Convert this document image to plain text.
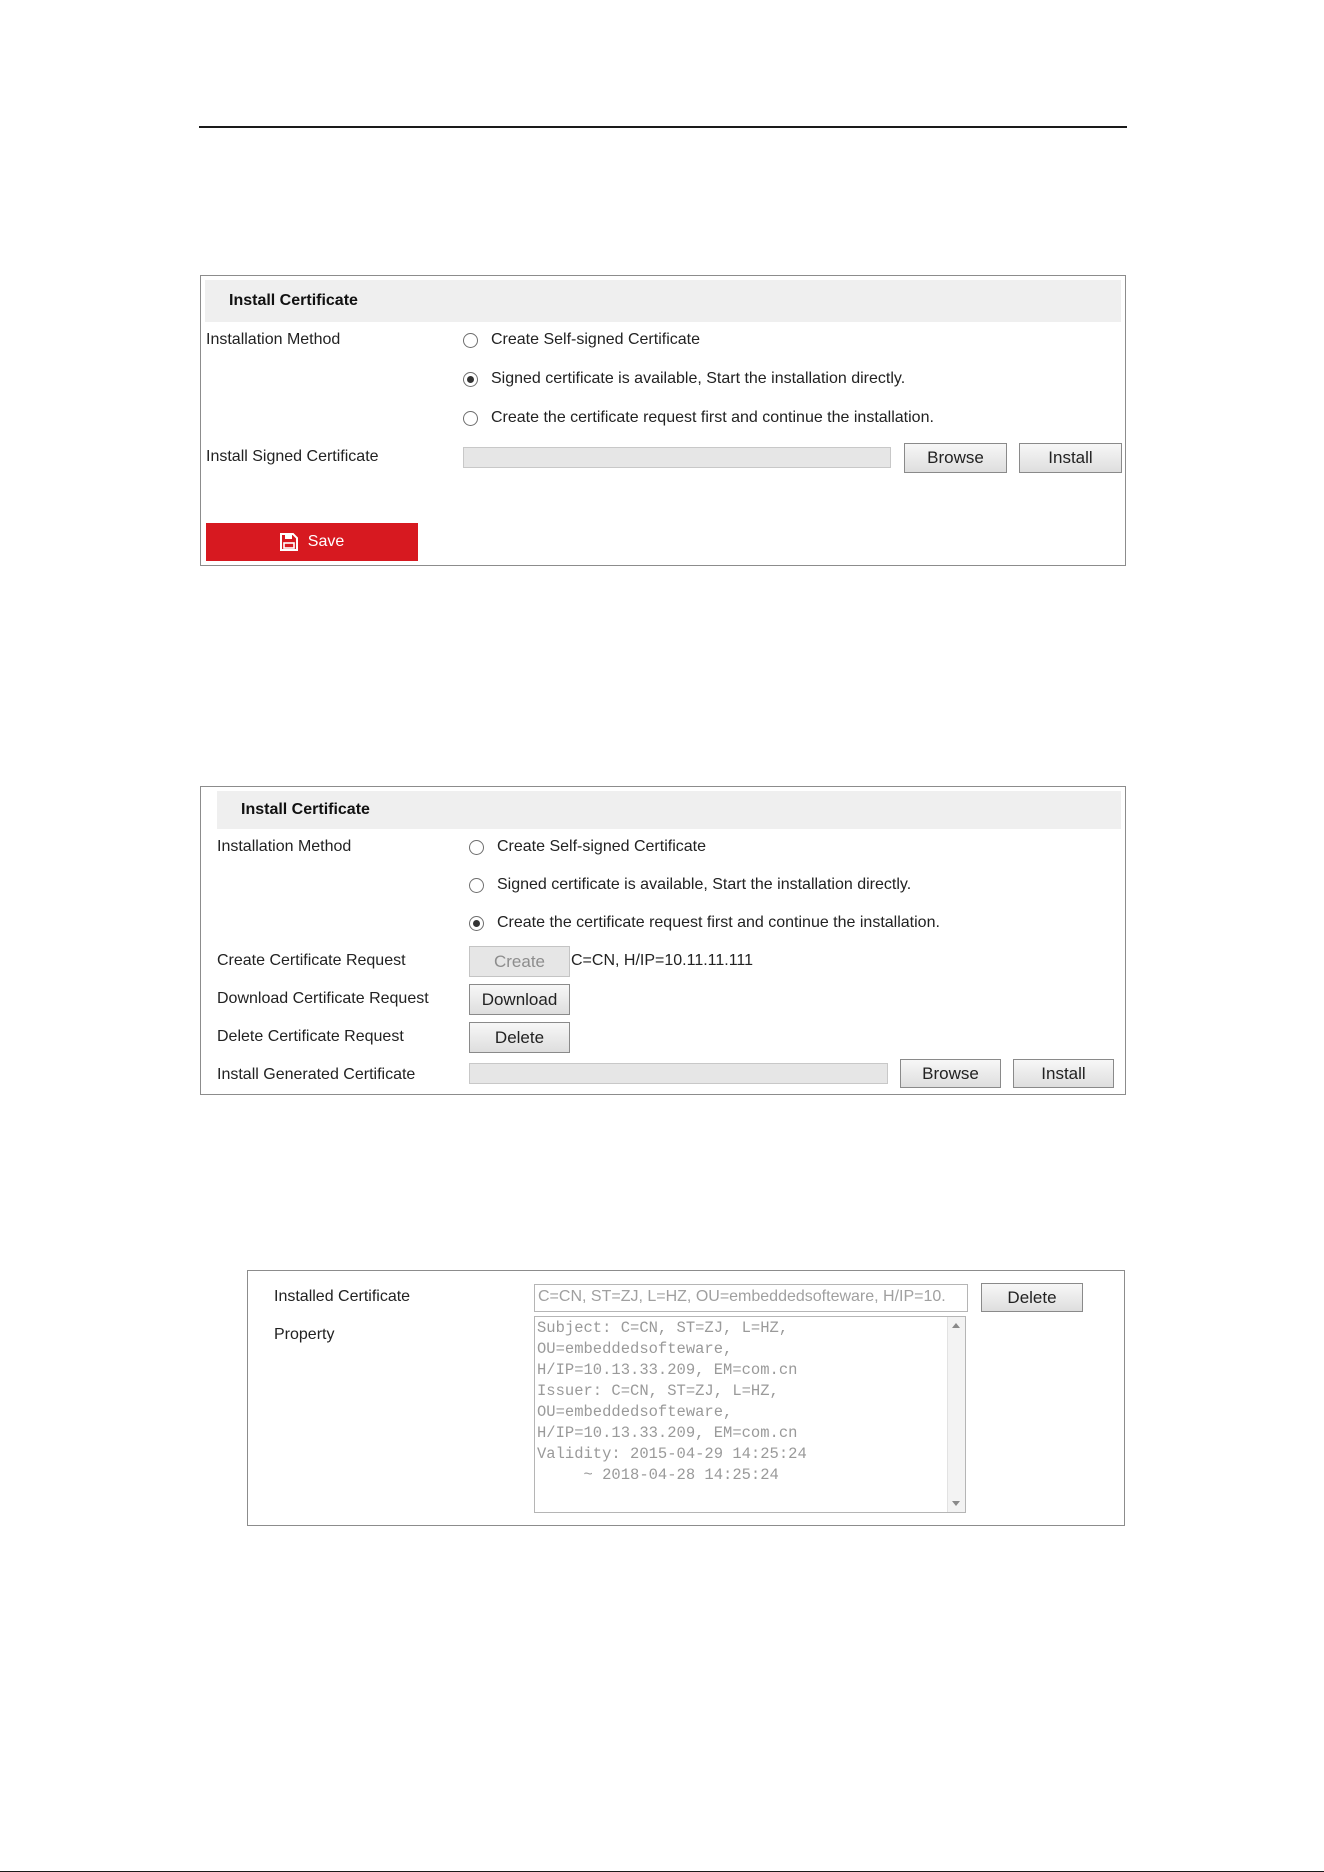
Install Certificate
Installation Method	Create Self-signed Certificate
Signed certificate is available, Start the installation directly.
Create the certificate request first and continue the installation.
Install Signed Certificate	Browse	Install
Save
Install Certificate
Installation Method	Create Self-signed Certificate
Signed certificate is available, Start the installation directly.
Create the certificate request first and continue the installation.
Create Certificate Request	Create	C=CN, H/IP=10.11.11.111
Download Certificate Request	Download
Delete Certificate Request	Delete
Install Generated Certificate	Browse	Install
Installed Certificate	C=CN, ST=ZJ, L=HZ, OU=embeddedsofteware, H/IP=10.	Delete
Property	Subject: C=CN, ST=ZJ, L=HZ,
OU=embeddedsofteware,
H/IP=10.13.33.209, EM=com.cn
Issuer: C=CN, ST=ZJ, L=HZ,
OU=embeddedsofteware,
H/IP=10.13.33.209, EM=com.cn
Validity: 2015-04-29 14:25:24
~ 2018-04-28 14:25:24
